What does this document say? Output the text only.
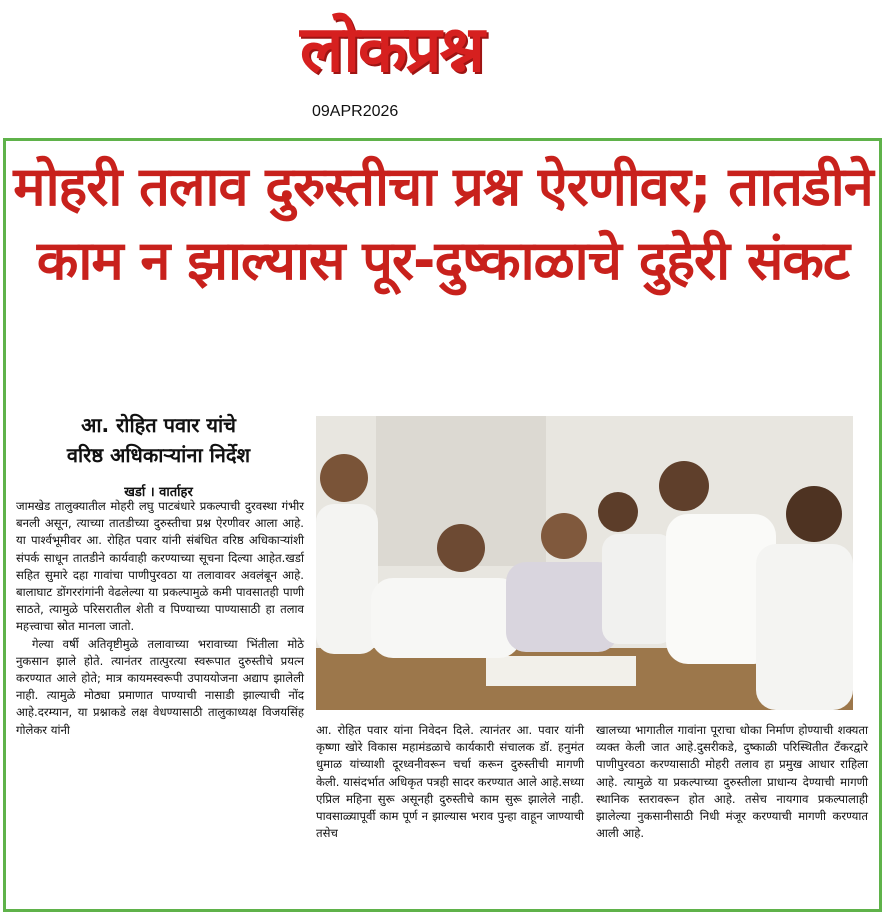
लोकप्रश्न
09APR2026
मोहरी तलाव दुरुस्तीचा प्रश्न ऐरणीवर; तातडीने
काम न झाल्यास पूर-दुष्काळाचे दुहेरी संकट
आ. रोहित पवार यांचे
वरिष्ठ अधिकाऱ्यांना निर्देश
खर्डा । वार्ताहर

जामखेड तालुक्यातील मोहरी लघु पाटबंधारे प्रकल्पाची दुरवस्था गंभीर बनली असून, त्याच्या तातडीच्या दुरुस्तीचा प्रश्न ऐरणीवर आला आहे. या पार्श्वभूमीवर आ. रोहित पवार यांनी संबंधित वरिष्ठ अधिकाऱ्यांशी संपर्क साधून तातडीने कार्यवाही करण्याच्या सूचना दिल्या आहेत.खर्डा सहित सुमारे दहा गावांचा पाणीपुरवठा या तलावावर अवलंबून आहे. बालाघाट डोंगररांगांनी वेढलेल्या या प्रकल्पामुळे कमी पावसातही पाणी साठते, त्यामुळे परिसरातील शेती व पिण्याच्या पाण्यासाठी हा तलाव महत्त्वाचा स्रोत मानला जातो.

गेल्या वर्षी अतिवृष्टीमुळे तलावाच्या भरावाच्या भिंतीला मोठे नुकसान झाले होते. त्यानंतर तात्पुरत्या स्वरूपात दुरुस्तीचे प्रयत्न करण्यात आले होते; मात्र कायमस्वरूपी उपाययोजना अद्याप झालेली नाही. त्यामुळे मोठ्या प्रमाणात पाण्याची नासाडी झाल्याची नोंद आहे.दरम्यान, या प्रश्नाकडे लक्ष वेधण्यासाठी तालुकाध्यक्ष विजयसिंह गोलेकर यांनी	आ. रोहित पवार यांना निवेदन दिले. त्यानंतर आ. पवार यांनी कृष्णा खोरे विकास महामंडळाचे कार्यकारी संचालक डॉ. हनुमंत धुमाळ यांच्याशी दूरध्वनीवरून चर्चा करून दुरुस्तीची मागणी केली. यासंदर्भात अधिकृत पत्रही सादर करण्यात आले आहे.सध्या एप्रिल महिना सुरू असूनही दुरुस्तीचे काम सुरू झालेले नाही. पावसाळ्यापूर्वी काम पूर्ण न झाल्यास भराव पुन्हा वाहून जाण्याची तसेच

खालच्या भागातील गावांना पूराचा धोका निर्माण होण्याची शक्यता व्यक्त केली जात आहे.दुसरीकडे, दुष्काळी परिस्थितीत टँकरद्वारे पाणीपुरवठा करण्यासाठी मोहरी तलाव हा प्रमुख आधार राहिला आहे. त्यामुळे या प्रकल्पाच्या दुरुस्तीला प्राधान्य देण्याची मागणी स्थानिक स्तरावरून होत आहे. तसेच नायगाव प्रकल्पालाही झालेल्या नुकसानीसाठी निधी मंजूर करण्याची मागणी करण्यात आली आहे.
